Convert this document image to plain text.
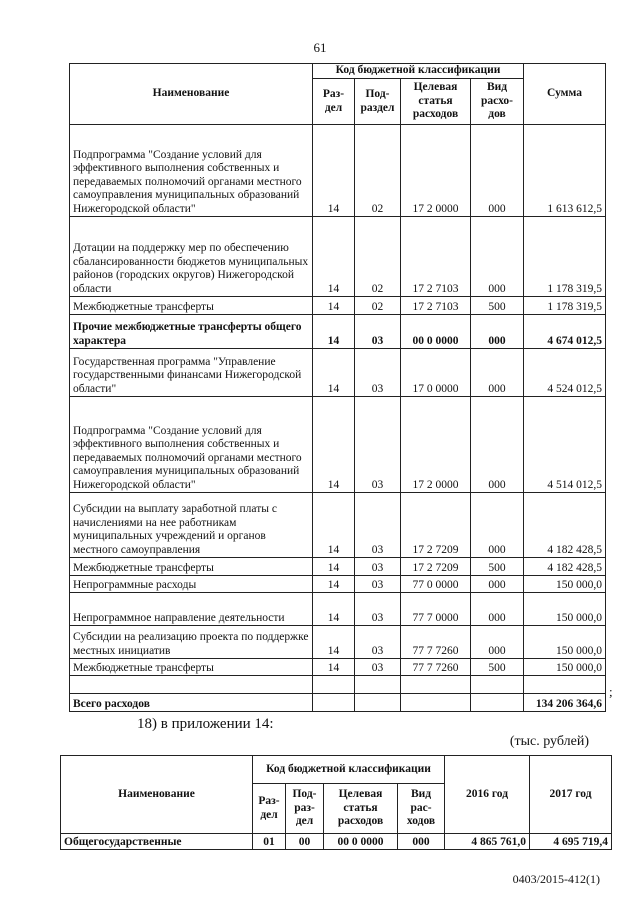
61
Наименование	Код бюджетной классификации				Сумма
	Раз-дел	Под-раздел	Целевая статья расходов	Вид расхо-дов	
Подпрограмма "Создание условий для эффективного выполнения собственных и передаваемых полномочий органами местного самоуправления муниципальных образований Нижегородской области"	14	02	17 2 0000	000	1 613 612,5
Дотации на поддержку мер по обеспечению сбалансированности бюджетов муниципальных районов (городских округов) Нижегородской области	14	02	17 2 7103	000	1 178 319,5
Межбюджетные трансферты	14	02	17 2 7103	500	1 178 319,5
Прочие межбюджетные трансферты общего характера	14	03	00 0 0000	000	4 674 012,5
Государственная программа "Управление государственными финансами Нижегородской области"	14	03	17 0 0000	000	4 524 012,5
Подпрограмма "Создание условий для эффективного выполнения собственных и передаваемых полномочий органами местного самоуправления муниципальных образований Нижегородской области"	14	03	17 2 0000	000	4 514 012,5
Субсидии на выплату заработной платы с начислениями на нее работникам муниципальных учреждений и органов местного самоуправления	14	03	17 2 7209	000	4 182 428,5
Межбюджетные трансферты	14	03	17 2 7209	500	4 182 428,5
Непрограммные расходы	14	03	77 0 0000	000	150 000,0
Непрограммное направление деятельности	14	03	77 7 0000	000	150 000,0
Субсидии на реализацию проекта по поддержке местных инициатив	14	03	77 7 7260	000	150 000,0
Межбюджетные трансферты	14	03	77 7 7260	500	150 000,0

Всего расходов					134 206 364,6
;
18) в приложении 14:
(тыс. рублей)
Наименование	Код бюджетной классификации				2016 год	2017 год
	Раз-дел	Под-раз-дел	Целевая статья расходов	Вид рас-ходов		
Общегосударственные	01	00	00 0 0000	000	4 865 761,0	4 695 719,4
0403/2015-412(1)
